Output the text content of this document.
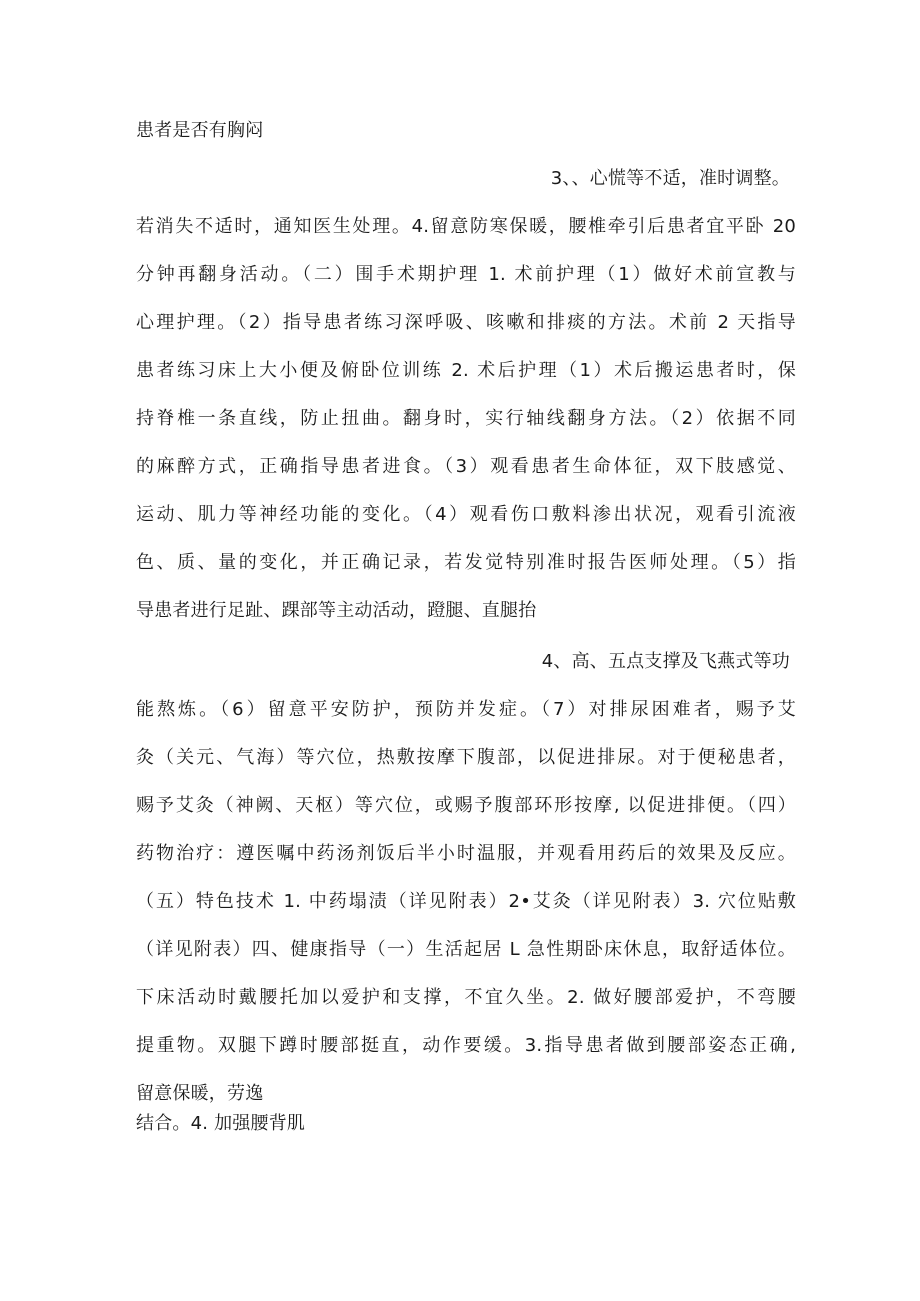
患者是否有胸闷
3、、心慌等不适，准时调整。
若消失不适时，通知医生处理。4.留意防寒保暖，腰椎牵引后患者宜平卧 20
分钟再翻身活动。（二）围手术期护理 1. 术前护理（1）做好术前宣教与
心理护理。（2）指导患者练习深呼吸、咳嗽和排痰的方法。术前 2 天指导
患者练习床上大小便及俯卧位训练 2. 术后护理（1）术后搬运患者时，保
持脊椎一条直线，防止扭曲。翻身时，实行轴线翻身方法。（2）依据不同
的麻醉方式，正确指导患者进食。（3）观看患者生命体征，双下肢感觉、
运动、肌力等神经功能的变化。（4）观看伤口敷料渗出状况，观看引流液
色、质、量的变化，并正确记录，若发觉特别准时报告医师处理。（5）指
导患者进行足趾、踝部等主动活动，蹬腿、直腿抬
4、高、五点支撑及飞燕式等功
能熬炼。（6）留意平安防护，预防并发症。（7）对排尿困难者，赐予艾
灸（关元、气海）等穴位，热敷按摩下腹部，以促进排尿。对于便秘患者，
赐予艾灸（神阙、天枢）等穴位，或赐予腹部环形按摩, 以促进排便。（四）
药物治疗：遵医嘱中药汤剂饭后半小时温服，并观看用药后的效果及反应。
（五）特色技术 1. 中药塌渍（详见附表）2•艾灸（详见附表）3. 穴位贴敷
（详见附表）四、健康指导（一）生活起居 L 急性期卧床休息，取舒适体位。
下床活动时戴腰托加以爱护和支撑，不宜久坐。2. 做好腰部爱护，不弯腰
提重物。双腿下蹲时腰部挺直，动作要缓。3.指导患者做到腰部姿态正确,
留意保暖，劳逸
结合。4. 加强腰背肌
